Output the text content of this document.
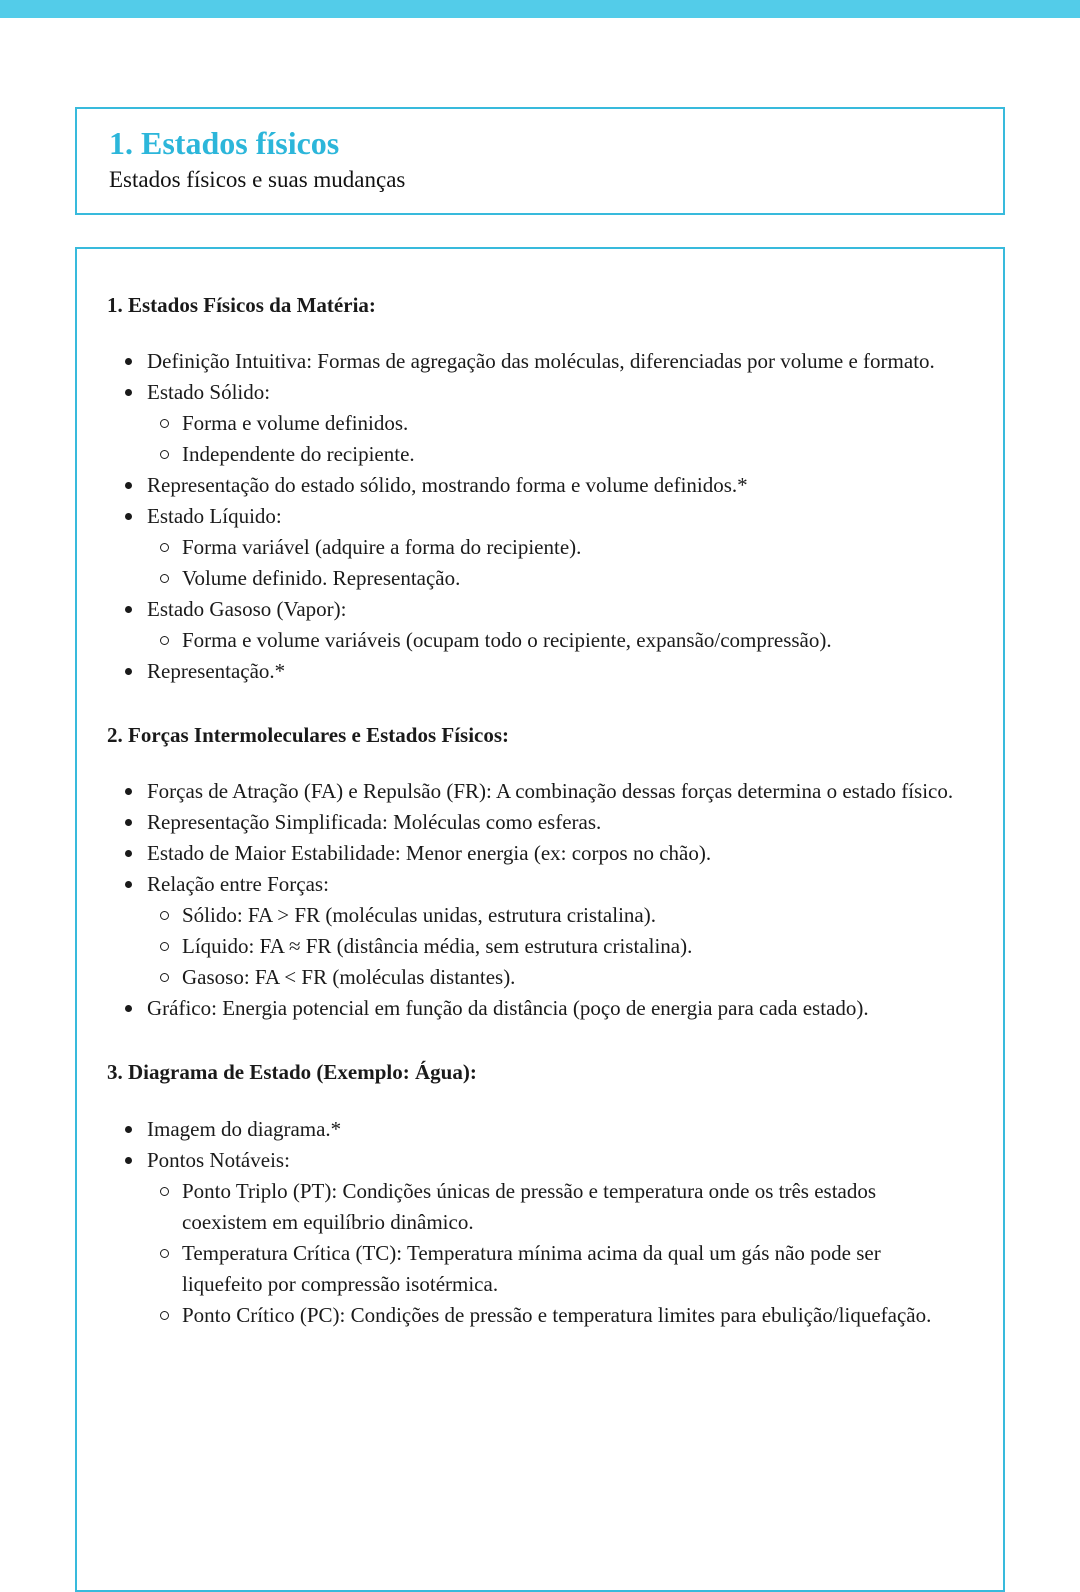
1. Estados físicos
Estados físicos e suas mudanças
1. Estados Físicos da Matéria:
Definição Intuitiva: Formas de agregação das moléculas, diferenciadas por volume e formato.
Estado Sólido:
Forma e volume definidos.
Independente do recipiente.
Representação do estado sólido, mostrando forma e volume definidos.*
Estado Líquido:
Forma variável (adquire a forma do recipiente).
Volume definido. Representação.
Estado Gasoso (Vapor):
Forma e volume variáveis (ocupam todo o recipiente, expansão/compressão).
Representação.*
2. Forças Intermoleculares e Estados Físicos:
Forças de Atração (FA) e Repulsão (FR): A combinação dessas forças determina o estado físico.
Representação Simplificada: Moléculas como esferas.
Estado de Maior Estabilidade: Menor energia (ex: corpos no chão).
Relação entre Forças:
Sólido: FA > FR (moléculas unidas, estrutura cristalina).
Líquido: FA ≈ FR (distância média, sem estrutura cristalina).
Gasoso: FA < FR (moléculas distantes).
Gráfico: Energia potencial em função da distância (poço de energia para cada estado).
3. Diagrama de Estado (Exemplo: Água):
Imagem do diagrama.*
Pontos Notáveis:
Ponto Triplo (PT): Condições únicas de pressão e temperatura onde os três estados coexistem em equilíbrio dinâmico.
Temperatura Crítica (TC): Temperatura mínima acima da qual um gás não pode ser liquefeito por compressão isotérmica.
Ponto Crítico (PC): Condições de pressão e temperatura limites para ebulição/liquefação.
